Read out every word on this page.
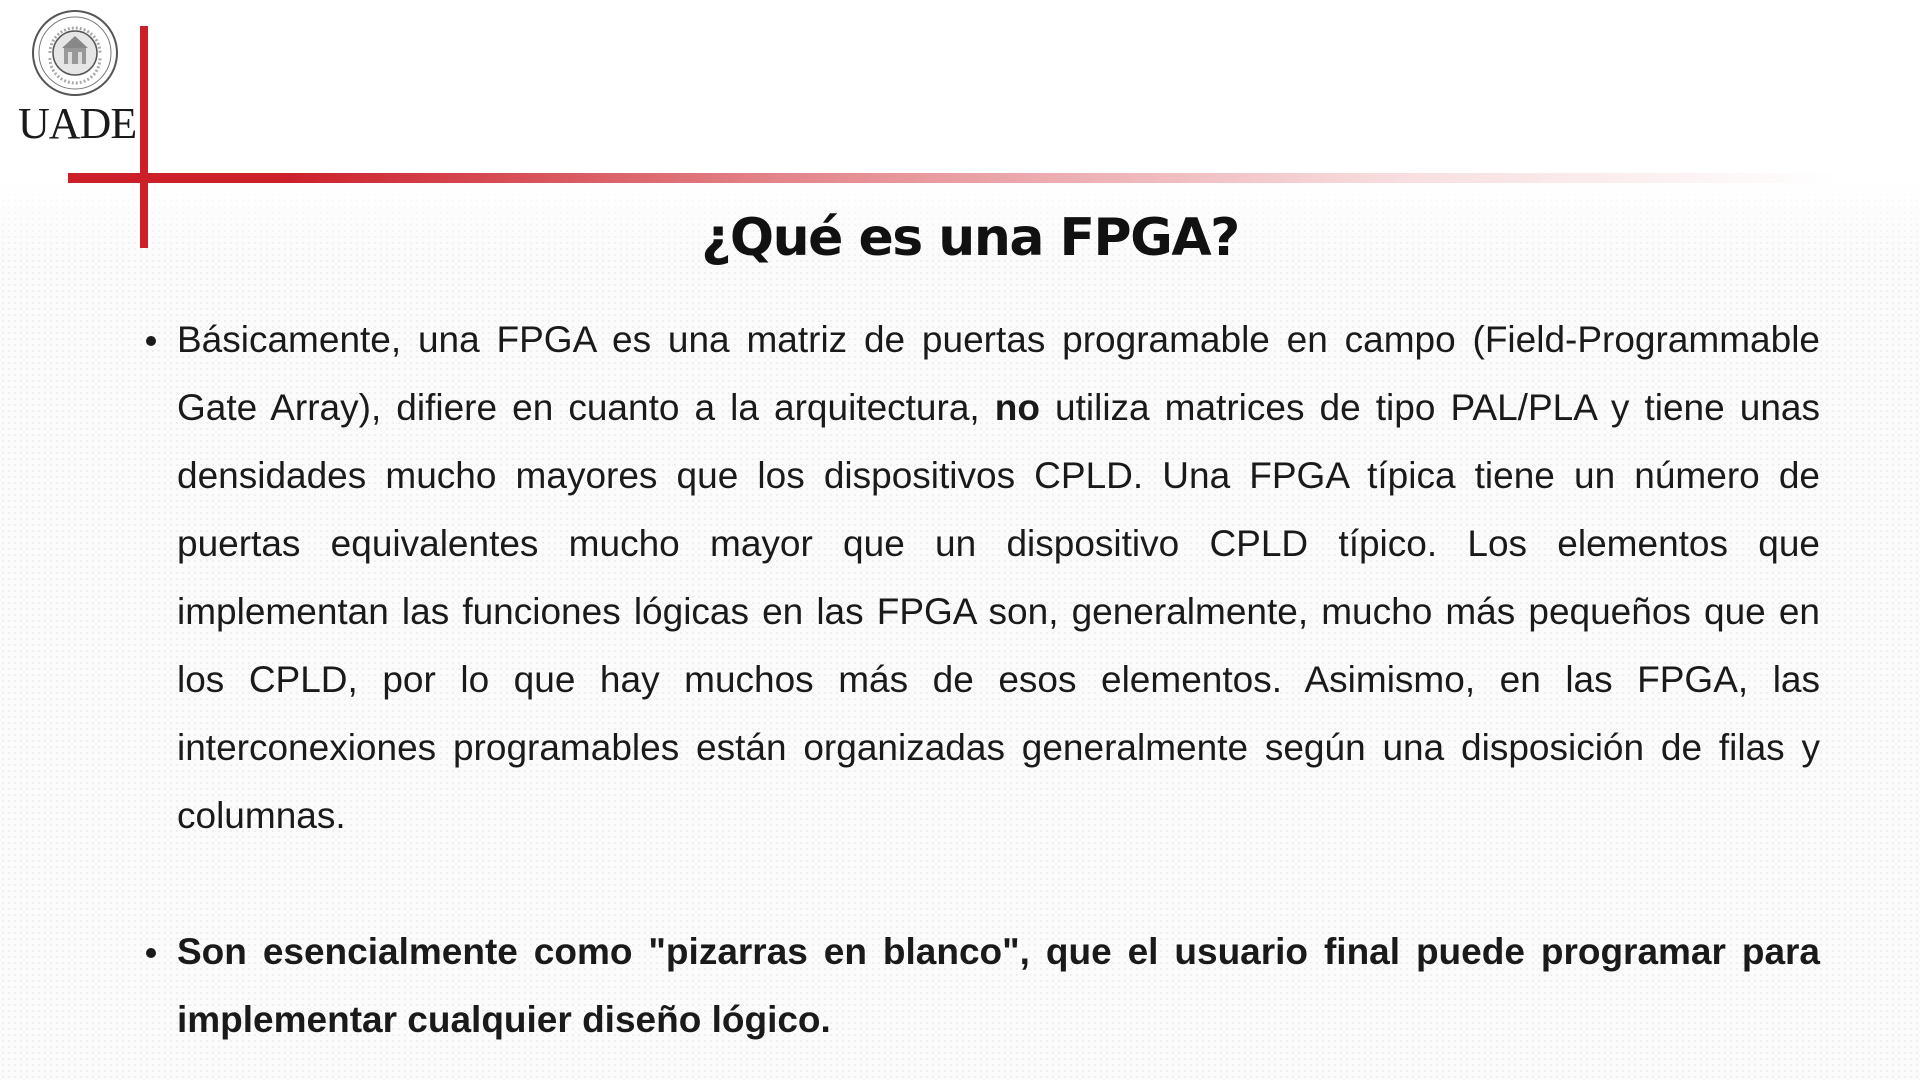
UADE
¿Qué es una FPGA?
Básicamente, una FPGA es una matriz de puertas programable en campo (Field-Programmable Gate Array), difiere en cuanto a la arquitectura, no utiliza matrices de tipo PAL/PLA y tiene unas densidades mucho mayores que los dispositivos CPLD. Una FPGA típica tiene un número de puertas equivalentes mucho mayor que un dispositivo CPLD típico. Los elementos que implementan las funciones lógicas en las FPGA son, generalmente, mucho más pequeños que en los CPLD, por lo que hay muchos más de esos elementos. Asimismo, en las FPGA, las interconexiones programables están organizadas generalmente según una disposición de filas y columnas.
Son esencialmente como "pizarras en blanco", que el usuario final puede programar para implementar cualquier diseño lógico.
